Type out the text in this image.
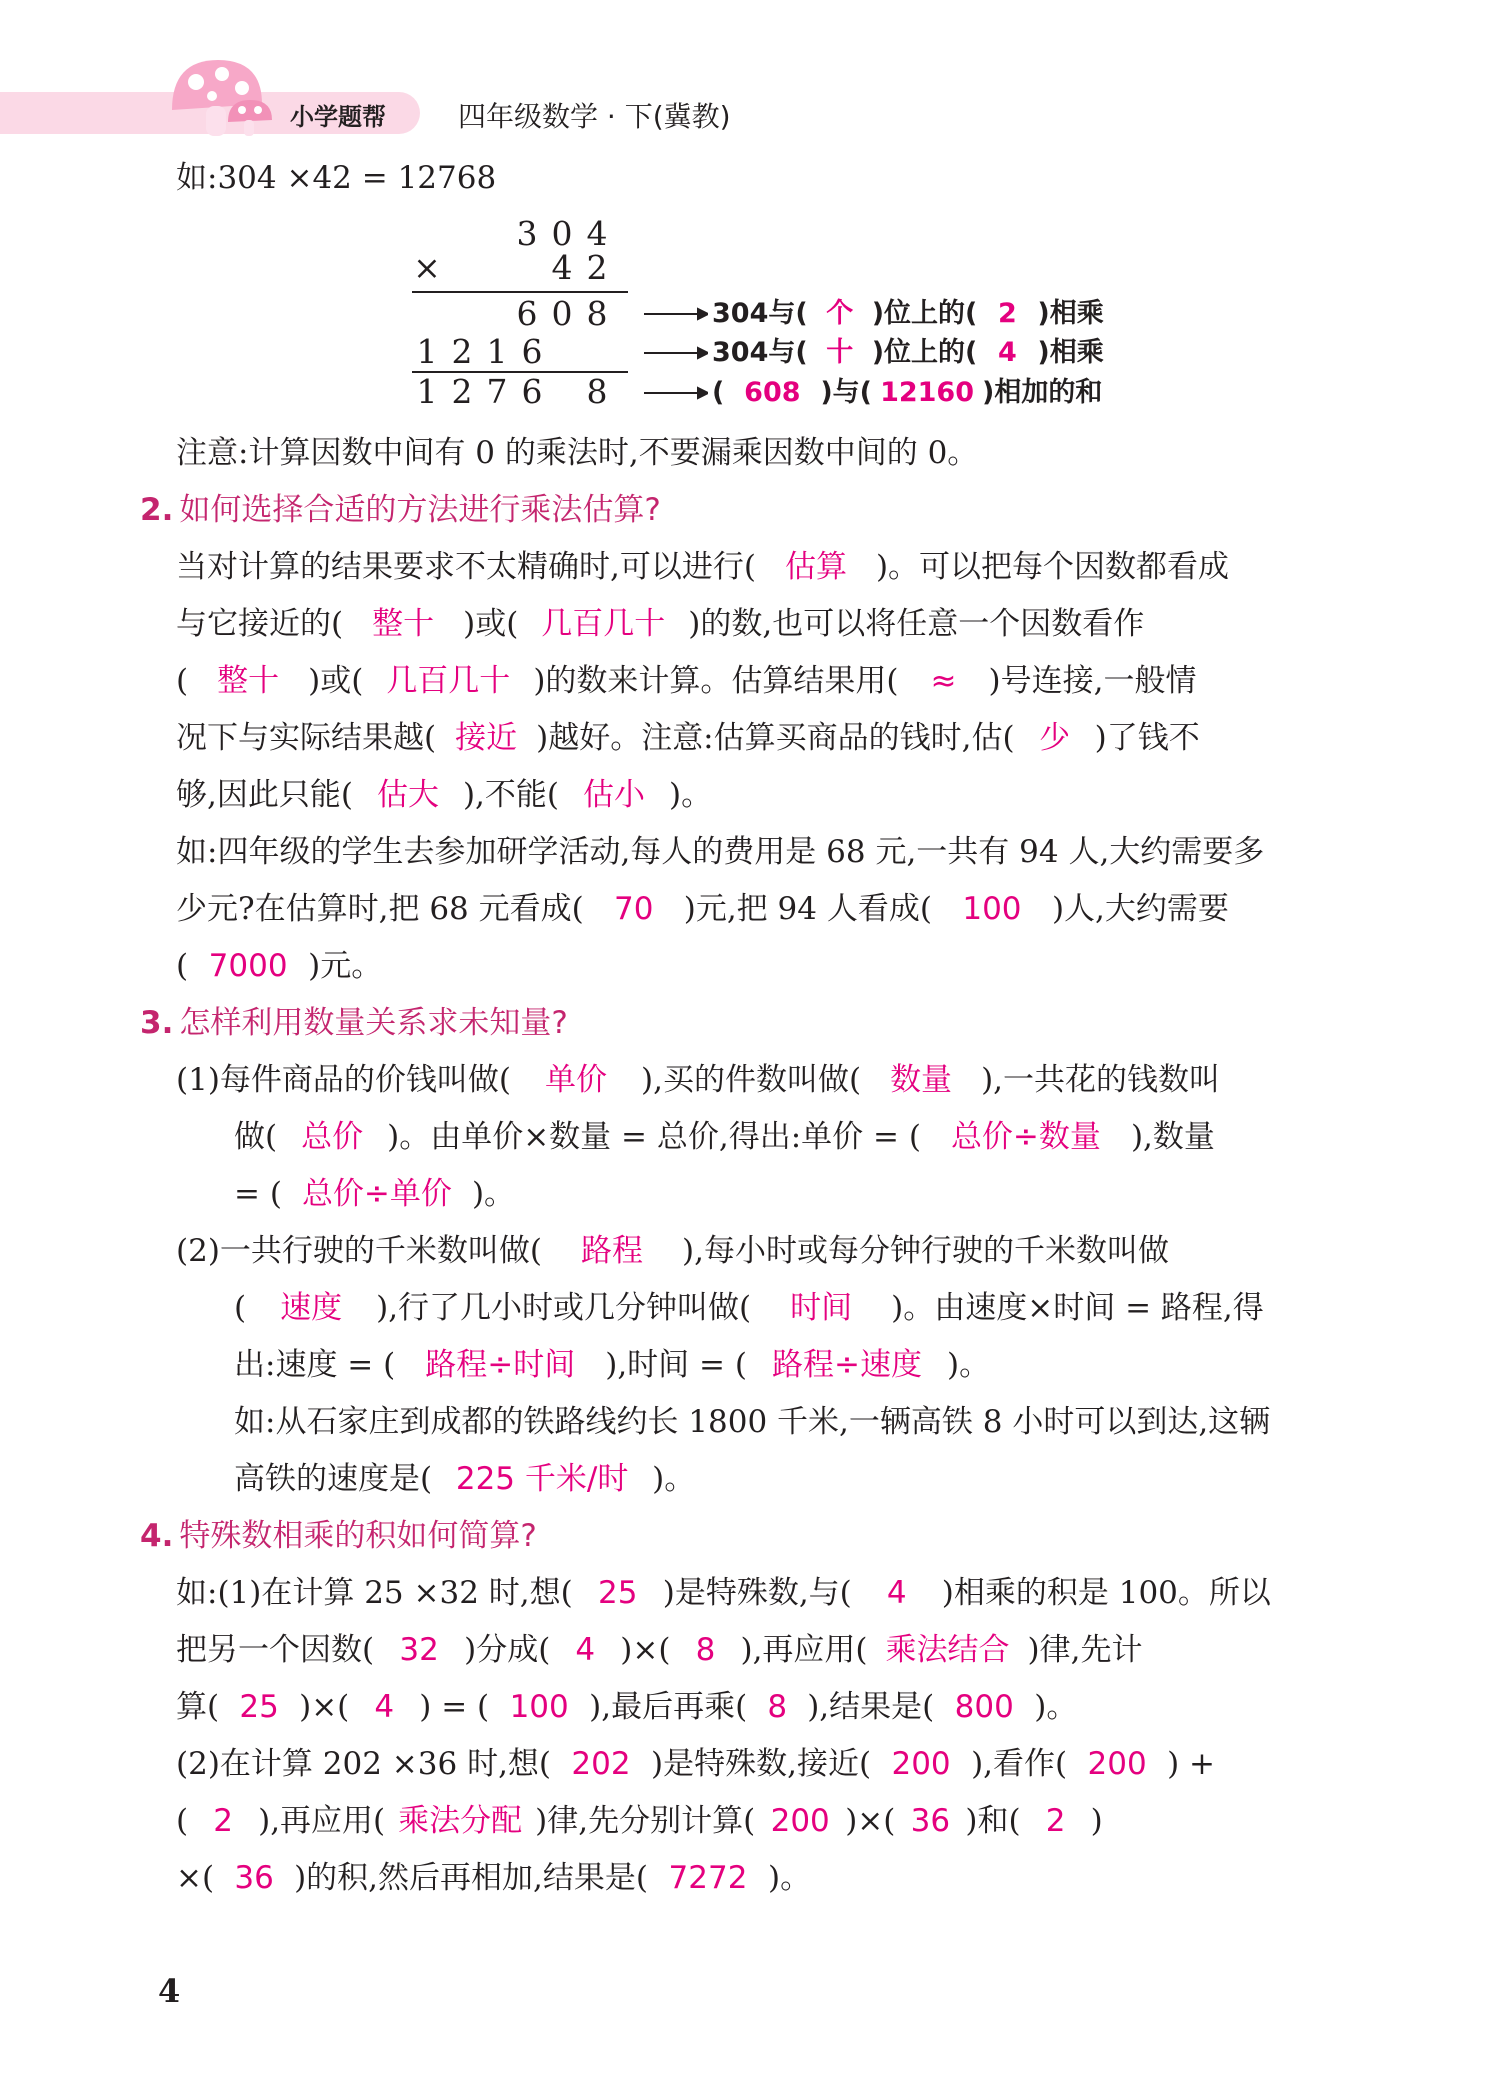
小学题帮	四年级数学 · 下(冀教)
如:304 ×42 = 12768
3 0 4
×	4 2
6 0 8
1 2 1 6
1 2 7 6 8
304与( 个 )位上的( 2 )相乘
304与( 十 )位上的( 4 )相乘
( 608 )与( 12160 )相加的和
注意:计算因数中间有 0 的乘法时,不要漏乘因数中间的 0。
2. 如何选择合适的方法进行乘法估算?
当对计算的结果要求不太精确时,可以进行( 估算 )。可以把每个因数都看成
与它接近的( 整十 )或( 几百几十 )的数,也可以将任意一个因数看作
( 整十 )或( 几百几十 )的数来计算。估算结果用( ≈ )号连接,一般情
况下与实际结果越( 接近 )越好。注意:估算买商品的钱时,估( 少 )了钱不
够,因此只能( 估大 ),不能( 估小 )。
如:四年级的学生去参加研学活动,每人的费用是 68 元,一共有 94 人,大约需要多
少元?在估算时,把 68 元看成( 70 )元,把 94 人看成( 100 )人,大约需要
( 7000 )元。
3. 怎样利用数量关系求未知量?
(1)每件商品的价钱叫做( 单价 ),买的件数叫做( 数量 ),一共花的钱数叫
做( 总价 )。由单价×数量 = 总价,得出:单价 = ( 总价÷数量 ),数量
= ( 总价÷单价 )。
(2)一共行驶的千米数叫做( 路程 ),每小时或每分钟行驶的千米数叫做
( 速度 ),行了几小时或几分钟叫做( 时间 )。由速度×时间 = 路程,得
出:速度 = ( 路程÷时间 ),时间 = ( 路程÷速度 )。
如:从石家庄到成都的铁路线约长 1800 千米,一辆高铁 8 小时可以到达,这辆
高铁的速度是( 225 千米/时 )。
4. 特殊数相乘的积如何简算?
如:(1)在计算 25 ×32 时,想( 25 )是特殊数,与( 4 )相乘的积是 100。所以
把另一个因数( 32 )分成( 4 )×( 8 ),再应用( 乘法结合 )律,先计
算( 25 )×( 4 ) = ( 100 ),最后再乘( 8 ),结果是( 800 )。
(2)在计算 202 ×36 时,想( 202 )是特殊数,接近( 200 ),看作( 200 ) +
( 2 ),再应用( 乘法分配 )律,先分别计算( 200 )×( 36 )和( 2 )
×( 36 )的积,然后再相加,结果是( 7272 )。
4
